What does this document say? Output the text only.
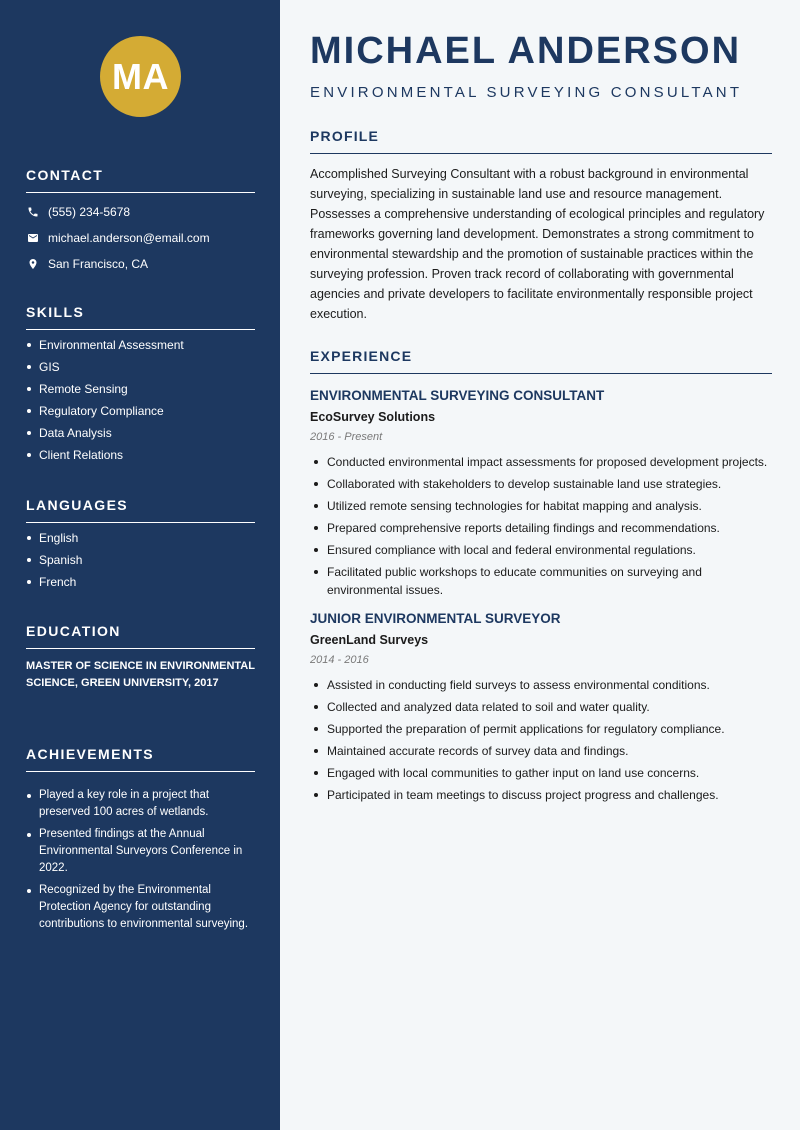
MA
CONTACT
(555) 234-5678
michael.anderson@email.com
San Francisco, CA
SKILLS
Environmental Assessment
GIS
Remote Sensing
Regulatory Compliance
Data Analysis
Client Relations
LANGUAGES
English
Spanish
French
EDUCATION
MASTER OF SCIENCE IN ENVIRONMENTAL SCIENCE, GREEN UNIVERSITY, 2017
ACHIEVEMENTS
Played a key role in a project that preserved 100 acres of wetlands.
Presented findings at the Annual Environmental Surveyors Conference in 2022.
Recognized by the Environmental Protection Agency for outstanding contributions to environmental surveying.
MICHAEL ANDERSON
ENVIRONMENTAL SURVEYING CONSULTANT
PROFILE
Accomplished Surveying Consultant with a robust background in environmental surveying, specializing in sustainable land use and resource management. Possesses a comprehensive understanding of ecological principles and regulatory frameworks governing land development. Demonstrates a strong commitment to environmental stewardship and the promotion of sustainable practices within the surveying profession. Proven track record of collaborating with governmental agencies and private developers to facilitate environmentally responsible project execution.
EXPERIENCE
ENVIRONMENTAL SURVEYING CONSULTANT
EcoSurvey Solutions
2016 - Present
Conducted environmental impact assessments for proposed development projects.
Collaborated with stakeholders to develop sustainable land use strategies.
Utilized remote sensing technologies for habitat mapping and analysis.
Prepared comprehensive reports detailing findings and recommendations.
Ensured compliance with local and federal environmental regulations.
Facilitated public workshops to educate communities on surveying and environmental issues.
JUNIOR ENVIRONMENTAL SURVEYOR
GreenLand Surveys
2014 - 2016
Assisted in conducting field surveys to assess environmental conditions.
Collected and analyzed data related to soil and water quality.
Supported the preparation of permit applications for regulatory compliance.
Maintained accurate records of survey data and findings.
Engaged with local communities to gather input on land use concerns.
Participated in team meetings to discuss project progress and challenges.
